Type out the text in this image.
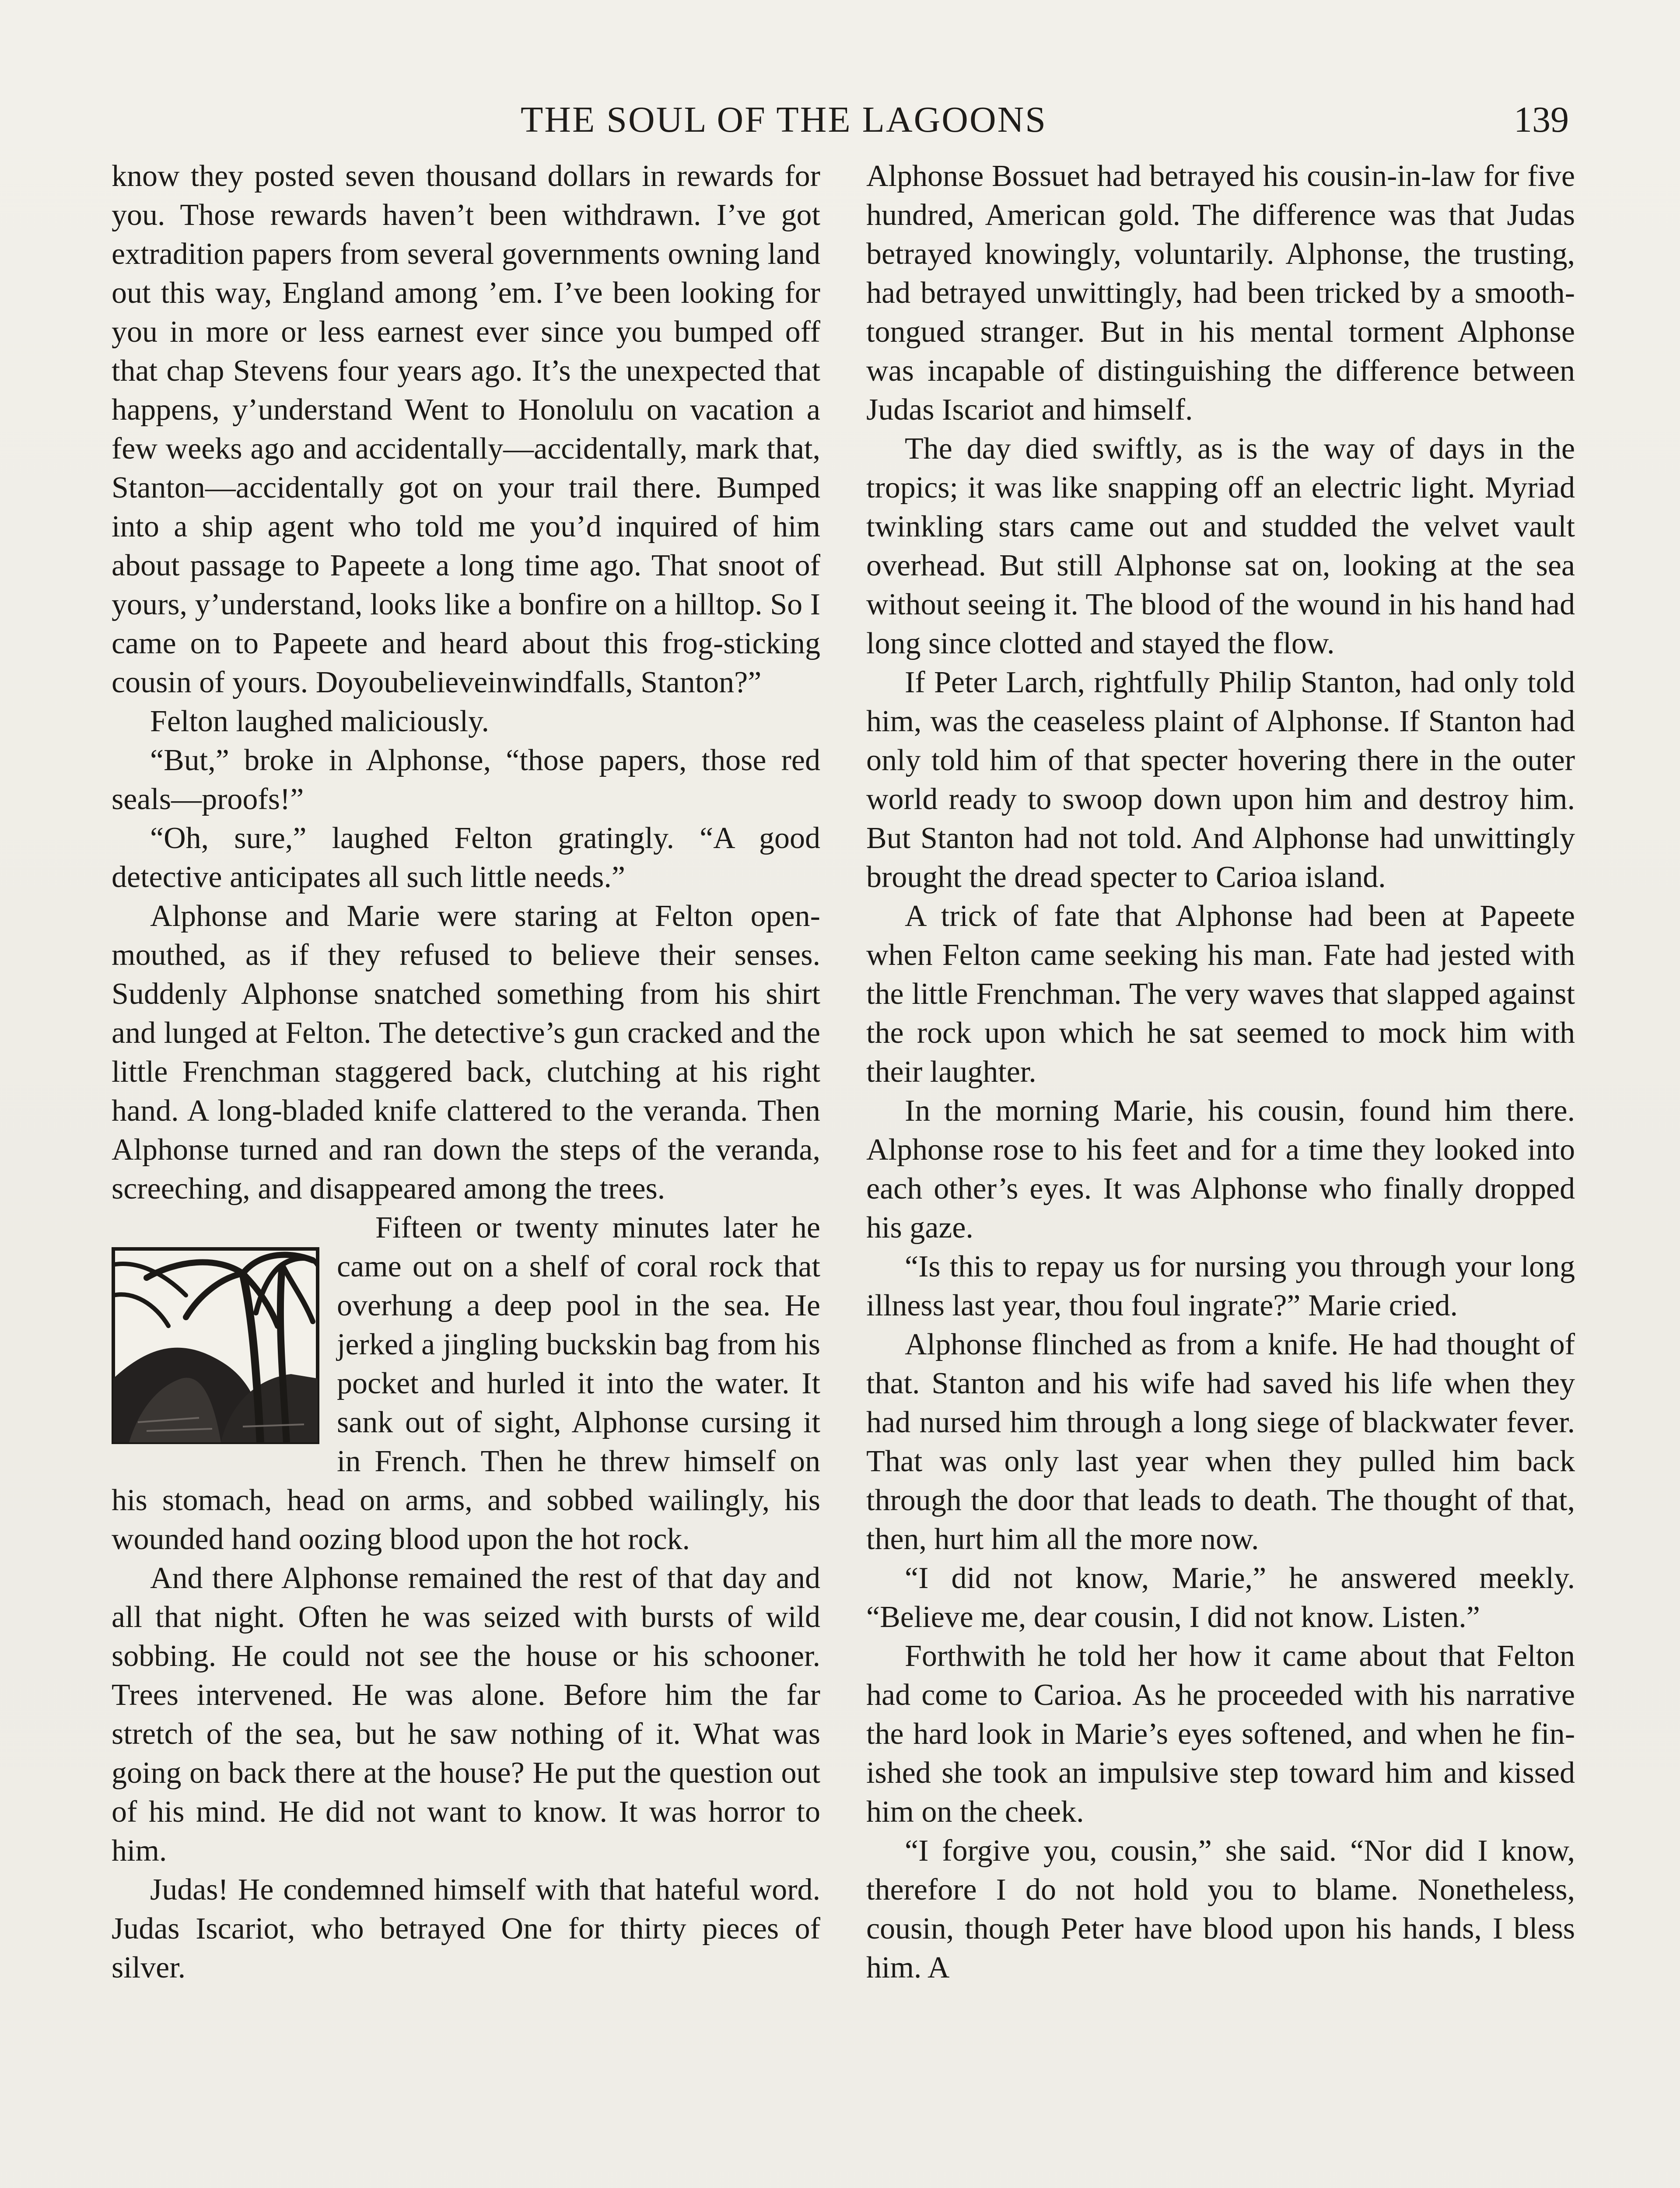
THE SOUL OF THE LAGOONS	139

know they posted seven thousand dollars in rewards for you. Those rewards haven’t been withdrawn. I’ve got extradition papers from several governments owning land out this way, England among ’em. I’ve been looking for you in more or less earnest ever since you bumped off that chap Stevens four years ago. It’s the unexpected that happens, y’understand Went to Honolulu on vacation a few weeks ago and accidentally—accidentally, mark that, Stanton—accidentally got on your trail there. Bumped into a ship agent who told me you’d inquired of him about passage to Papeete a long time ago. That snoot of yours, y’understand, looks like a bonfire on a hilltop. So I came on to Papeete and heard about this frog-sticking cousin of yours. Doyoubelieveinwindfalls, Stanton?”

Felton laughed maliciously.

“But,” broke in Alphonse, “those papers, those red seals—proofs!”

“Oh, sure,” laughed Felton gratingly. “A good detective anticipates all such little needs.”

Alphonse and Marie were staring at Felton open-mouthed, as if they refused to believe their senses. Suddenly Alphonse snatched something from his shirt and lunged at Felton. The detective’s gun cracked and the little Frenchman staggered back, clutching at his right hand. A long-bladed knife clattered to the veranda. Then Alphonse turned and ran down the steps of the veranda, screeching, and disappeared among the trees.

Fifteen or twenty minutes later he came out on a shelf of coral rock that overhung a deep pool in the sea. He jerked a jingling buckskin bag from his pocket and hurled it into the water. It sank out of sight, Alphonse cursing it in French. Then he threw himself on his stomach, head on arms, and sobbed wailingly, his wounded hand oozing blood upon the hot rock.

And there Alphonse remained the rest of that day and all that night. Often he was seized with bursts of wild sobbing. He could not see the house or his schooner. Trees intervened. He was alone. Before him the far stretch of the sea, but he saw nothing of it. What was going on back there at the house? He put the question out of his mind. He did not want to know. It was horror to him.

Judas! He condemned himself with that hateful word. Judas Iscariot, who betrayed One for thirty pieces of silver.

Alphonse Bossuet had betrayed his cousin-in-law for five hundred, American gold. The difference was that Judas betrayed knowingly, voluntarily. Alphonse, the trusting, had betrayed unwittingly, had been tricked by a smooth-tongued stranger. But in his mental torment Alphonse was incapable of distinguishing the difference between Judas Iscariot and himself.

The day died swiftly, as is the way of days in the tropics; it was like snapping off an electric light. Myriad twinkling stars came out and studded the velvet vault overhead. But still Alphonse sat on, looking at the sea without seeing it. The blood of the wound in his hand had long since clotted and stayed the flow.

If Peter Larch, rightfully Philip Stanton, had only told him, was the ceaseless plaint of Alphonse. If Stanton had only told him of that specter hovering there in the outer world ready to swoop down upon him and destroy him. But Stanton had not told. And Alphonse had unwittingly brought the dread specter to Carioa island.

A trick of fate that Alphonse had been at Papeete when Felton came seeking his man. Fate had jested with the little Frenchman. The very waves that slapped against the rock upon which he sat seemed to mock him with their laughter.

In the morning Marie, his cousin, found him there. Alphonse rose to his feet and for a time they looked into each other’s eyes. It was Alphonse who finally dropped his gaze.

“Is this to repay us for nursing you through your long illness last year, thou foul ingrate?” Marie cried.

Alphonse flinched as from a knife. He had thought of that. Stanton and his wife had saved his life when they had nursed him through a long siege of blackwater fever. That was only last year when they pulled him back through the door that leads to death. The thought of that, then, hurt him all the more now.

“I did not know, Marie,” he answered meekly. “Believe me, dear cousin, I did not know. Listen.”

Forthwith he told her how it came about that Felton had come to Carioa. As he proceeded with his narrative the hard look in Marie’s eyes softened, and when he finished she took an impulsive step toward him and kissed him on the cheek.

“I forgive you, cousin,” she said. “Nor did I know, therefore I do not hold you to blame. Nonetheless, cousin, though Peter have blood upon his hands, I bless him. A
